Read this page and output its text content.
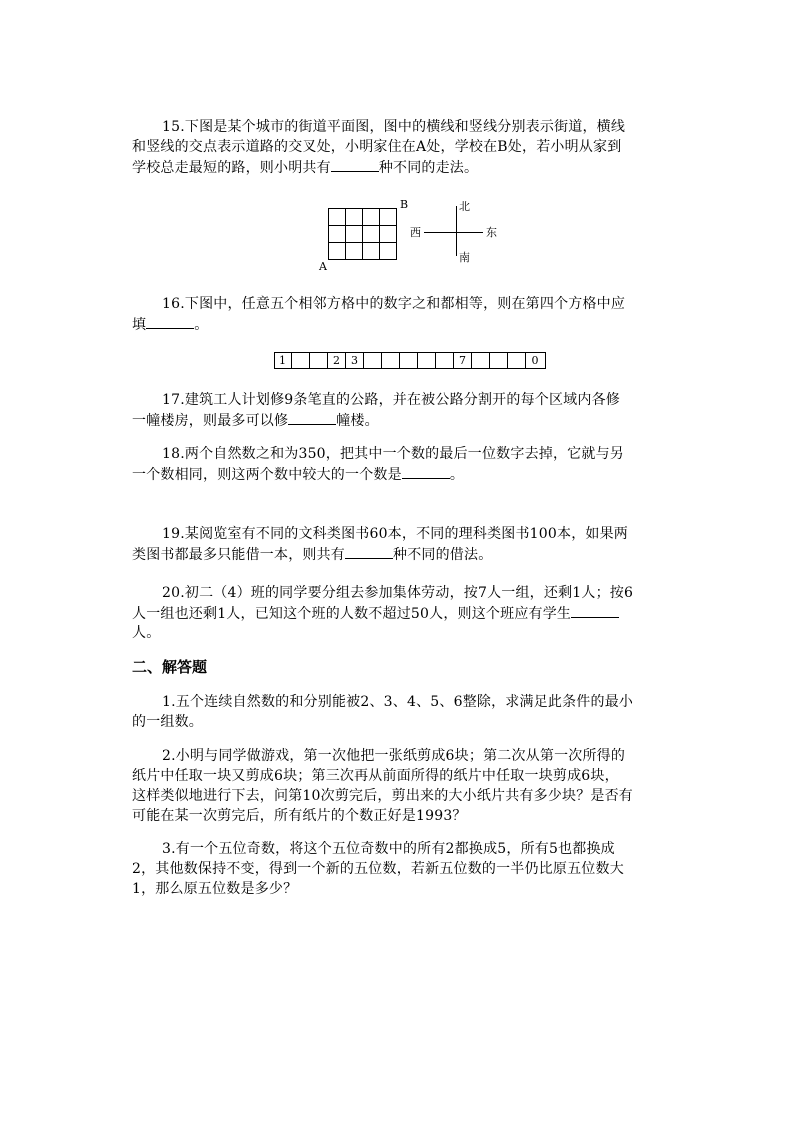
15.下图是某个城市的街道平面图，图中的横线和竖线分别表示街道，横线
和竖线的交点表示道路的交叉处，小明家住在A处，学校在B处，若小明从家到
学校总走最短的路，则小明共有	种不同的走法。
A
B	北
南
西	东
16.下图中，任意五个相邻方格中的数字之和都相等，则在第四个方格中应
填	。
1	2	3	7	0
17.建筑工人计划修9条笔直的公路，并在被公路分割开的每个区域内各修
一幢楼房，则最多可以修	幢楼。
18.两个自然数之和为350，把其中一个数的最后一位数字去掉，它就与另
一个数相同，则这两个数中较大的一个数是	。
19.某阅览室有不同的文科类图书60本，不同的理科类图书100本，如果两
类图书都最多只能借一本，则共有	种不同的借法。
20.初二（4）班的同学要分组去参加集体劳动，按7人一组，还剩1人；按6
人一组也还剩1人，已知这个班的人数不超过50人，则这个班应有学生
人。
二、解答题
1.五个连续自然数的和分别能被2、3、4、5、6整除，求满足此条件的最小
的一组数。
2.小明与同学做游戏，第一次他把一张纸剪成6块；第二次从第一次所得的
纸片中任取一块又剪成6块；第三次再从前面所得的纸片中任取一块剪成6块，
这样类似地进行下去，问第10次剪完后，剪出来的大小纸片共有多少块？是否有
可能在某一次剪完后，所有纸片的个数正好是1993？
3.有一个五位奇数，将这个五位奇数中的所有2都换成5，所有5也都换成
2，其他数保持不变，得到一个新的五位数，若新五位数的一半仍比原五位数大
1，那么原五位数是多少？
